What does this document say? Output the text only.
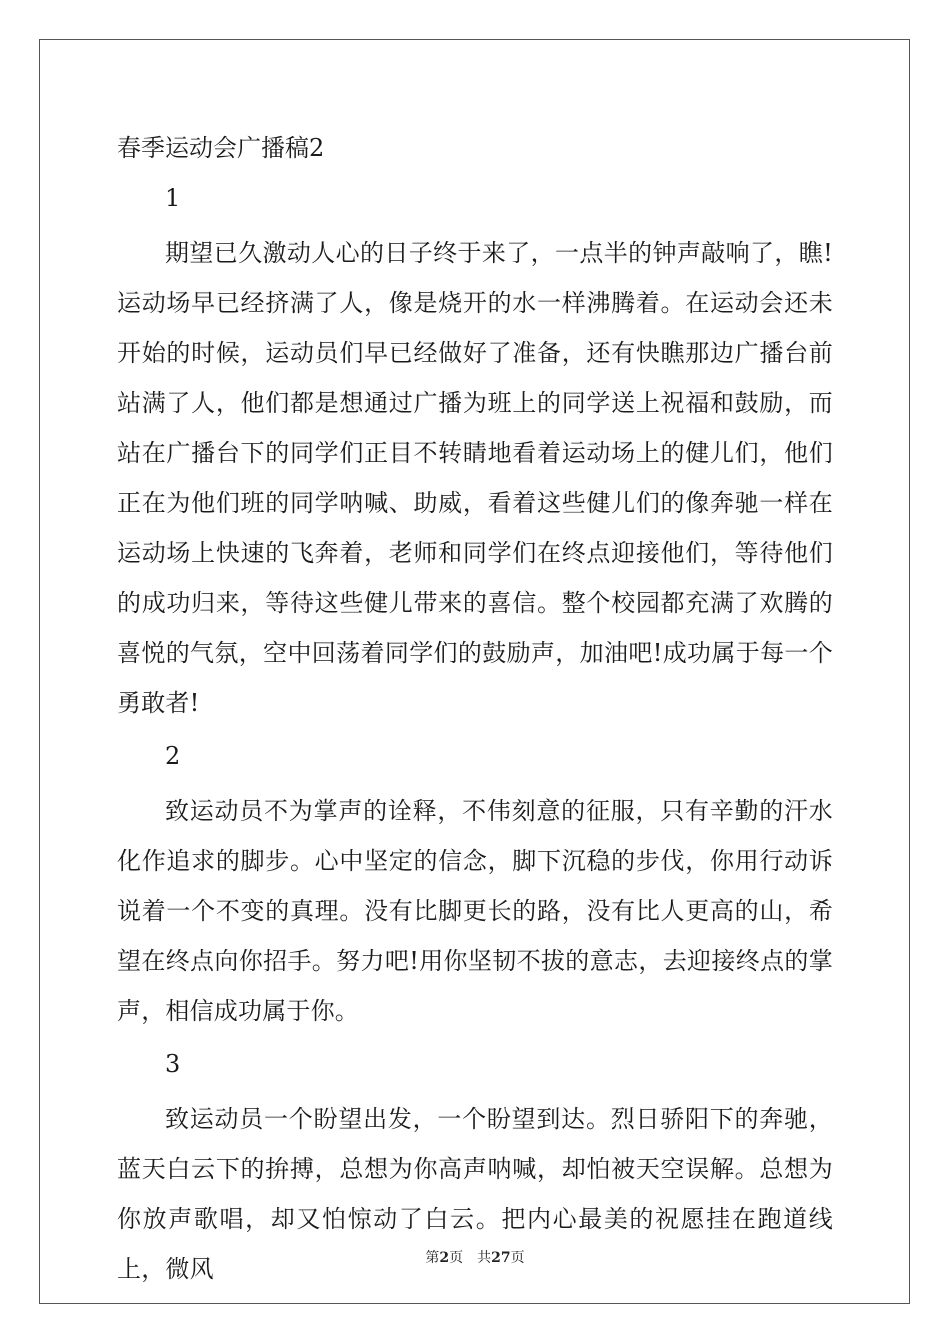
春季运动会广播稿2
1

期望已久激动人心的日子终于来了，一点半的钟声敲响了，瞧!运动场早已经挤满了人，像是烧开的水一样沸腾着。在运动会还未开始的时候，运动员们早已经做好了准备，还有快瞧那边广播台前站满了人，他们都是想通过广播为班上的同学送上祝福和鼓励，而站在广播台下的同学们正目不转睛地看着运动场上的健儿们，他们正在为他们班的同学呐喊、助威，看着这些健儿们的像奔驰一样在运动场上快速的飞奔着，老师和同学们在终点迎接他们，等待他们的成功归来，等待这些健儿带来的喜信。整个校园都充满了欢腾的喜悦的气氛，空中回荡着同学们的鼓励声，加油吧!成功属于每一个勇敢者!

2

致运动员不为掌声的诠释，不伟刻意的征服，只有辛勤的汗水化作追求的脚步。心中坚定的信念，脚下沉稳的步伐，你用行动诉说着一个不变的真理。没有比脚更长的路，没有比人更高的山，希望在终点向你招手。努力吧!用你坚韧不拔的意志，去迎接终点的掌声，相信成功属于你。

3

致运动员一个盼望出发，一个盼望到达。烈日骄阳下的奔驰，蓝天白云下的拚搏，总想为你高声呐喊，却怕被天空误解。总想为你放声歌唱，却又怕惊动了白云。把内心最美的祝愿挂在跑道线上，微风	第2页 共27页
